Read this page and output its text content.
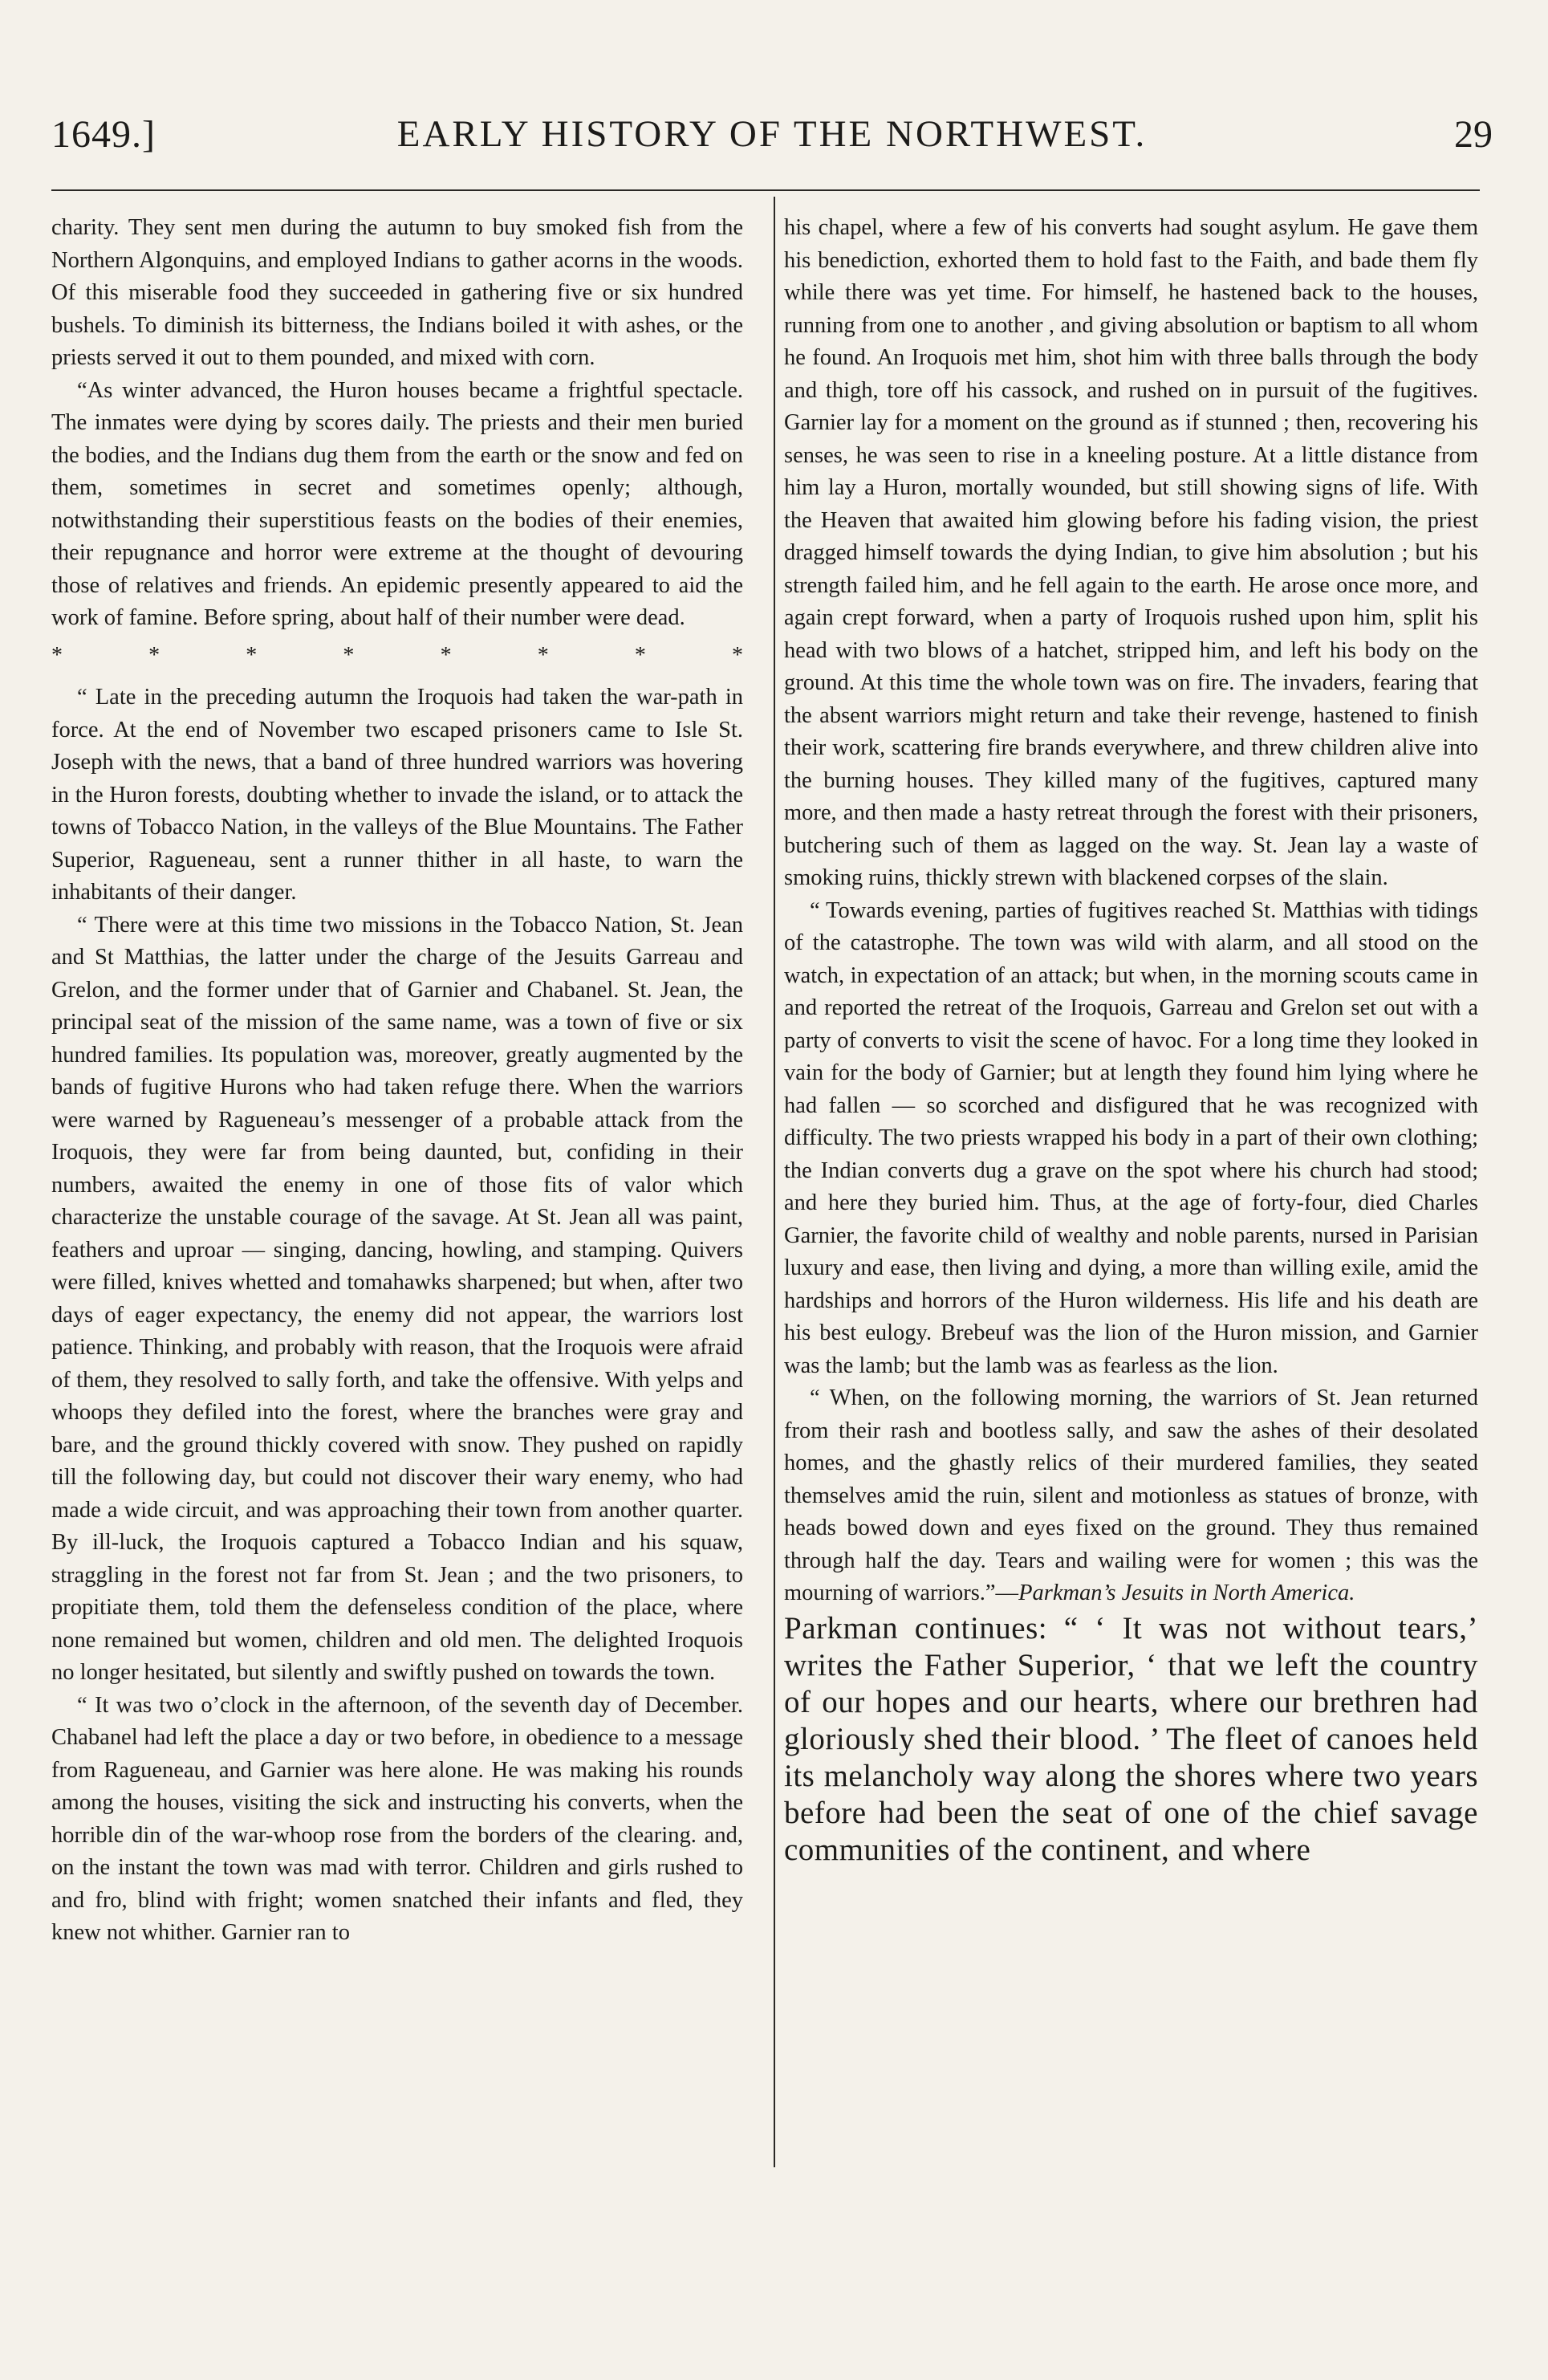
1649.]	EARLY HISTORY OF THE NORTHWEST.	29

charity. They sent men during the autumn to buy smoked fish from the Northern Algonquins, and employed Indians to gather acorns in the woods. Of this miserable food they succeeded in gathering five or six hundred bushels. To diminish its bitterness, the Indians boiled it with ashes, or the priests served it out to them pounded, and mixed with corn.

“As winter advanced, the Huron houses became a frightful spectacle. The inmates were dying by scores daily. The priests and their men buried the bodies, and the Indians dug them from the earth or the snow and fed on them, sometimes in secret and sometimes openly; although, notwithstanding their superstitious feasts on the bodies of their enemies, their repugnance and horror were extreme at the thought of devouring those of relatives and friends. An epidemic presently appeared to aid the work of famine. Before spring, about half of their number were dead.

*	*	*	*	*	*	*	*

“ Late in the preceding autumn the Iroquois had taken the war-path in force. At the end of November two escaped prisoners came to Isle St. Joseph with the news, that a band of three hundred warriors was hovering in the Huron forests, doubting whether to invade the island, or to attack the towns of Tobacco Nation, in the valleys of the Blue Mountains. The Father Superior, Ragueneau, sent a runner thither in all haste, to warn the inhabitants of their danger.

“ There were at this time two missions in the Tobacco Nation, St. Jean and St Matthias, the latter under the charge of the Jesuits Garreau and Grelon, and the former under that of Garnier and Chabanel. St. Jean, the principal seat of the mission of the same name, was a town of five or six hundred families. Its population was, moreover, greatly augmented by the bands of fugitive Hurons who had taken refuge there. When the warriors were warned by Ragueneau’s messenger of a probable attack from the Iroquois, they were far from being daunted, but, confiding in their numbers, awaited the enemy in one of those fits of valor which characterize the unstable courage of the savage. At St. Jean all was paint, feathers and uproar — singing, dancing, howling, and stamping. Quivers were filled, knives whetted and tomahawks sharpened; but when, after two days of eager expectancy, the enemy did not appear, the warriors lost patience. Thinking, and probably with reason, that the Iroquois were afraid of them, they resolved to sally forth, and take the offensive. With yelps and whoops they defiled into the forest, where the branches were gray and bare, and the ground thickly covered with snow. They pushed on rapidly till the following day, but could not discover their wary enemy, who had made a wide circuit, and was approaching their town from another quarter. By ill-luck, the Iroquois captured a Tobacco Indian and his squaw, straggling in the forest not far from St. Jean ; and the two prisoners, to propitiate them, told them the defenseless condition of the place, where none remained but women, children and old men. The delighted Iroquois no longer hesitated, but silently and swiftly pushed on towards the town.

“ It was two o’clock in the afternoon, of the seventh day of December. Chabanel had left the place a day or two before, in obedience to a message from Ragueneau, and Garnier was here alone. He was making his rounds among the houses, visiting the sick and instructing his converts, when the horrible din of the war-whoop rose from the borders of the clearing. and, on the instant the town was mad with terror. Children and girls rushed to and fro, blind with fright; women snatched their infants and fled, they knew not whither. Garnier ran to

his chapel, where a few of his converts had sought asylum. He gave them his benediction, exhorted them to hold fast to the Faith, and bade them fly while there was yet time. For himself, he hastened back to the houses, running from one to another , and giving absolution or baptism to all whom he found. An Iroquois met him, shot him with three balls through the body and thigh, tore off his cassock, and rushed on in pursuit of the fugitives. Garnier lay for a moment on the ground as if stunned ; then, recovering his senses, he was seen to rise in a kneeling posture. At a little distance from him lay a Huron, mortally wounded, but still showing signs of life. With the Heaven that awaited him glowing before his fading vision, the priest dragged himself towards the dying Indian, to give him absolution ; but his strength failed him, and he fell again to the earth. He arose once more, and again crept forward, when a party of Iroquois rushed upon him, split his head with two blows of a hatchet, stripped him, and left his body on the ground. At this time the whole town was on fire. The invaders, fearing that the absent warriors might return and take their revenge, hastened to finish their work, scattering fire brands everywhere, and threw children alive into the burning houses. They killed many of the fugitives, captured many more, and then made a hasty retreat through the forest with their prisoners, butchering such of them as lagged on the way. St. Jean lay a waste of smoking ruins, thickly strewn with blackened corpses of the slain.

“ Towards evening, parties of fugitives reached St. Matthias with tidings of the catastrophe. The town was wild with alarm, and all stood on the watch, in expectation of an attack; but when, in the morning scouts came in and reported the retreat of the Iroquois, Garreau and Grelon set out with a party of converts to visit the scene of havoc. For a long time they looked in vain for the body of Garnier; but at length they found him lying where he had fallen — so scorched and disfigured that he was recognized with difficulty. The two priests wrapped his body in a part of their own clothing; the Indian converts dug a grave on the spot where his church had stood; and here they buried him. Thus, at the age of forty-four, died Charles Garnier, the favorite child of wealthy and noble parents, nursed in Parisian luxury and ease, then living and dying, a more than willing exile, amid the hardships and horrors of the Huron wilderness. His life and his death are his best eulogy. Brebeuf was the lion of the Huron mission, and Garnier was the lamb; but the lamb was as fearless as the lion.

“ When, on the following morning, the warriors of St. Jean returned from their rash and bootless sally, and saw the ashes of their desolated homes, and the ghastly relics of their murdered families, they seated themselves amid the ruin, silent and motionless as statues of bronze, with heads bowed down and eyes fixed on the ground. They thus remained through half the day. Tears and wailing were for women ; this was the mourning of warriors.”—Parkman’s Jesuits in North America.

Parkman continues: “ ‘ It was not without tears,’ writes the Father Superior, ‘ that we left the country of our hopes and our hearts, where our brethren had gloriously shed their blood. ’ The fleet of canoes held its melancholy way along the shores where two years before had been the seat of one of the chief savage communities of the continent, and where
